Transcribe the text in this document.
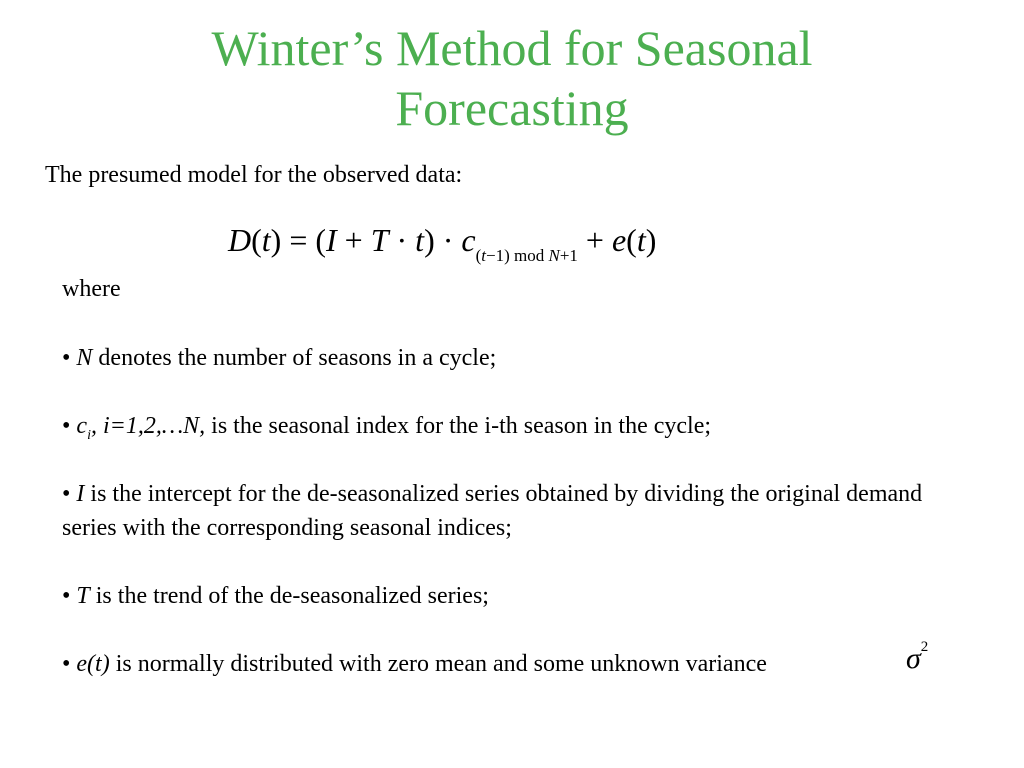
Winter’s Method for Seasonal
Forecasting
The presumed model for the observed data:
$D(t) = (I + T \cdot t) \cdot c_{(t-1) mod N+1} + e(t)$
where
• N denotes the number of seasons in a cycle;
• $c_i$, i=1,2,…N, is the seasonal index for the i-th season in the cycle;
• I is the intercept for the de-seasonalized series obtained by dividing the original demand series with the corresponding seasonal indices;
• T is the trend of the de-seasonalized series;
• e(t) is normally distributed with zero mean and some unknown variance	$\sigma^2$
